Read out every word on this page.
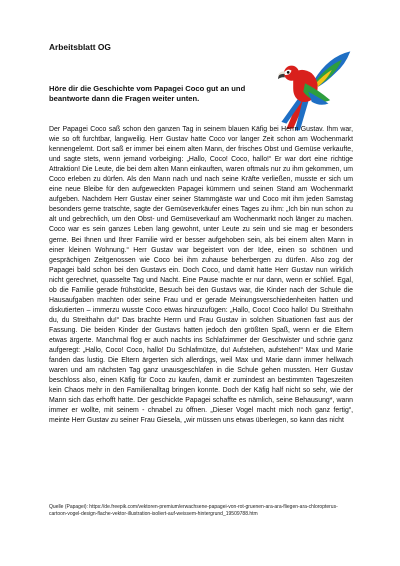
Arbeitsblatt OG

Höre dir die Geschichte vom Papagei Coco gut an und beantworte dann die Fragen weiter unten.

Der Papagei Coco saß schon den ganzen Tag in seinem blauen Käfig bei Herrn Gustav. Ihm war, wie so oft furchtbar, langweilig. Herr Gustav hatte Coco vor langer Zeit schon am Wochenmarkt kennengelernt. Dort saß er immer bei einem alten Mann, der frisches Obst und Gemüse verkaufte, und sagte stets, wenn jemand vorbeiging: „Hallo, Coco! Coco, hallo!“ Er war dort eine richtige Attraktion! Die Leute, die bei dem alten Mann einkauften, waren oftmals nur zu ihm gekommen, um Coco erleben zu dürfen. Als den Mann nach und nach seine Kräfte verließen, musste er sich um eine neue Bleibe für den aufgeweckten Papagei kümmern und seinen Stand am Wochenmarkt aufgeben. Nachdem Herr Gustav einer seiner Stammgäste war und Coco mit ihm jeden Samstag besonders gerne tratschte, sagte der Gemüseverkäufer eines Tages zu ihm: „Ich bin nun schon zu alt und gebrechlich, um den Obst- und Gemüseverkauf am Wochenmarkt noch länger zu machen. Coco war es sein ganzes Leben lang gewohnt, unter Leute zu sein und sie mag er besonders gerne. Bei Ihnen und Ihrer Familie wird er besser aufgehoben sein, als bei einem alten Mann in einer kleinen Wohnung.“ Herr Gustav war begeistert von der Idee, einen so schönen und gesprächigen Zeitgenossen wie Coco bei ihm zuhause beherbergen zu dürfen. Also zog der Papagei bald schon bei den Gustavs ein. Doch Coco, und damit hatte Herr Gustav nun wirklich nicht gerechnet, quasselte Tag und Nacht. Eine Pause machte er nur dann, wenn er schlief. Egal, ob die Familie gerade frühstückte, Besuch bei den Gustavs war, die Kinder nach der Schule die Hausaufgaben machten oder seine Frau und er gerade Meinungsverschiedenheiten hatten und diskutierten – immerzu wusste Coco etwas hinzuzufügen: „Hallo, Coco! Coco hallo! Du Streithahn du, du Streithahn du!“ Das brachte Herrn und Frau Gustav in solchen Situationen fast aus der Fassung. Die beiden Kinder der Gustavs hatten jedoch den größten Spaß, wenn er die Eltern etwas ärgerte. Manchmal flog er auch nachts ins Schlafzimmer der Geschwister und schrie ganz aufgeregt: „Hallo, Coco! Coco, hallo! Du Schlafmütze, du! Aufstehen, aufstehen!“ Max und Marie fanden das lustig. Die Eltern ärgerten sich allerdings, weil Max und Marie dann immer hellwach waren und am nächsten Tag ganz unausgeschlafen in die Schule gehen mussten. Herr Gustav beschloss also, einen Käfig für Coco zu kaufen, damit er zumindest an bestimmten Tageszeiten kein Chaos mehr in den Familienalltag bringen konnte. Doch der Käfig half nicht so sehr, wie der Mann sich das erhofft hatte. Der geschickte Papagei schaffte es nämlich, seine Behausung*, wann immer er wollte, mit seinem - chnabel zu öffnen. „Dieser Vogel macht mich noch ganz fertig“, meinte Herr Gustav zu seiner Frau Giesela, „wir müssen uns etwas überlegen, so kann das nicht

Quelle (Papagei): https://de.freepik.com/vektoren-premium/erwachsene-papagei-von-rot-gruenen-ara-ara-fliegen-ara-chloropterus-cartoon-vogel-design-flache-vektor-illustration-isoliert-auf-weissem-hintergrund_19509788.htm
